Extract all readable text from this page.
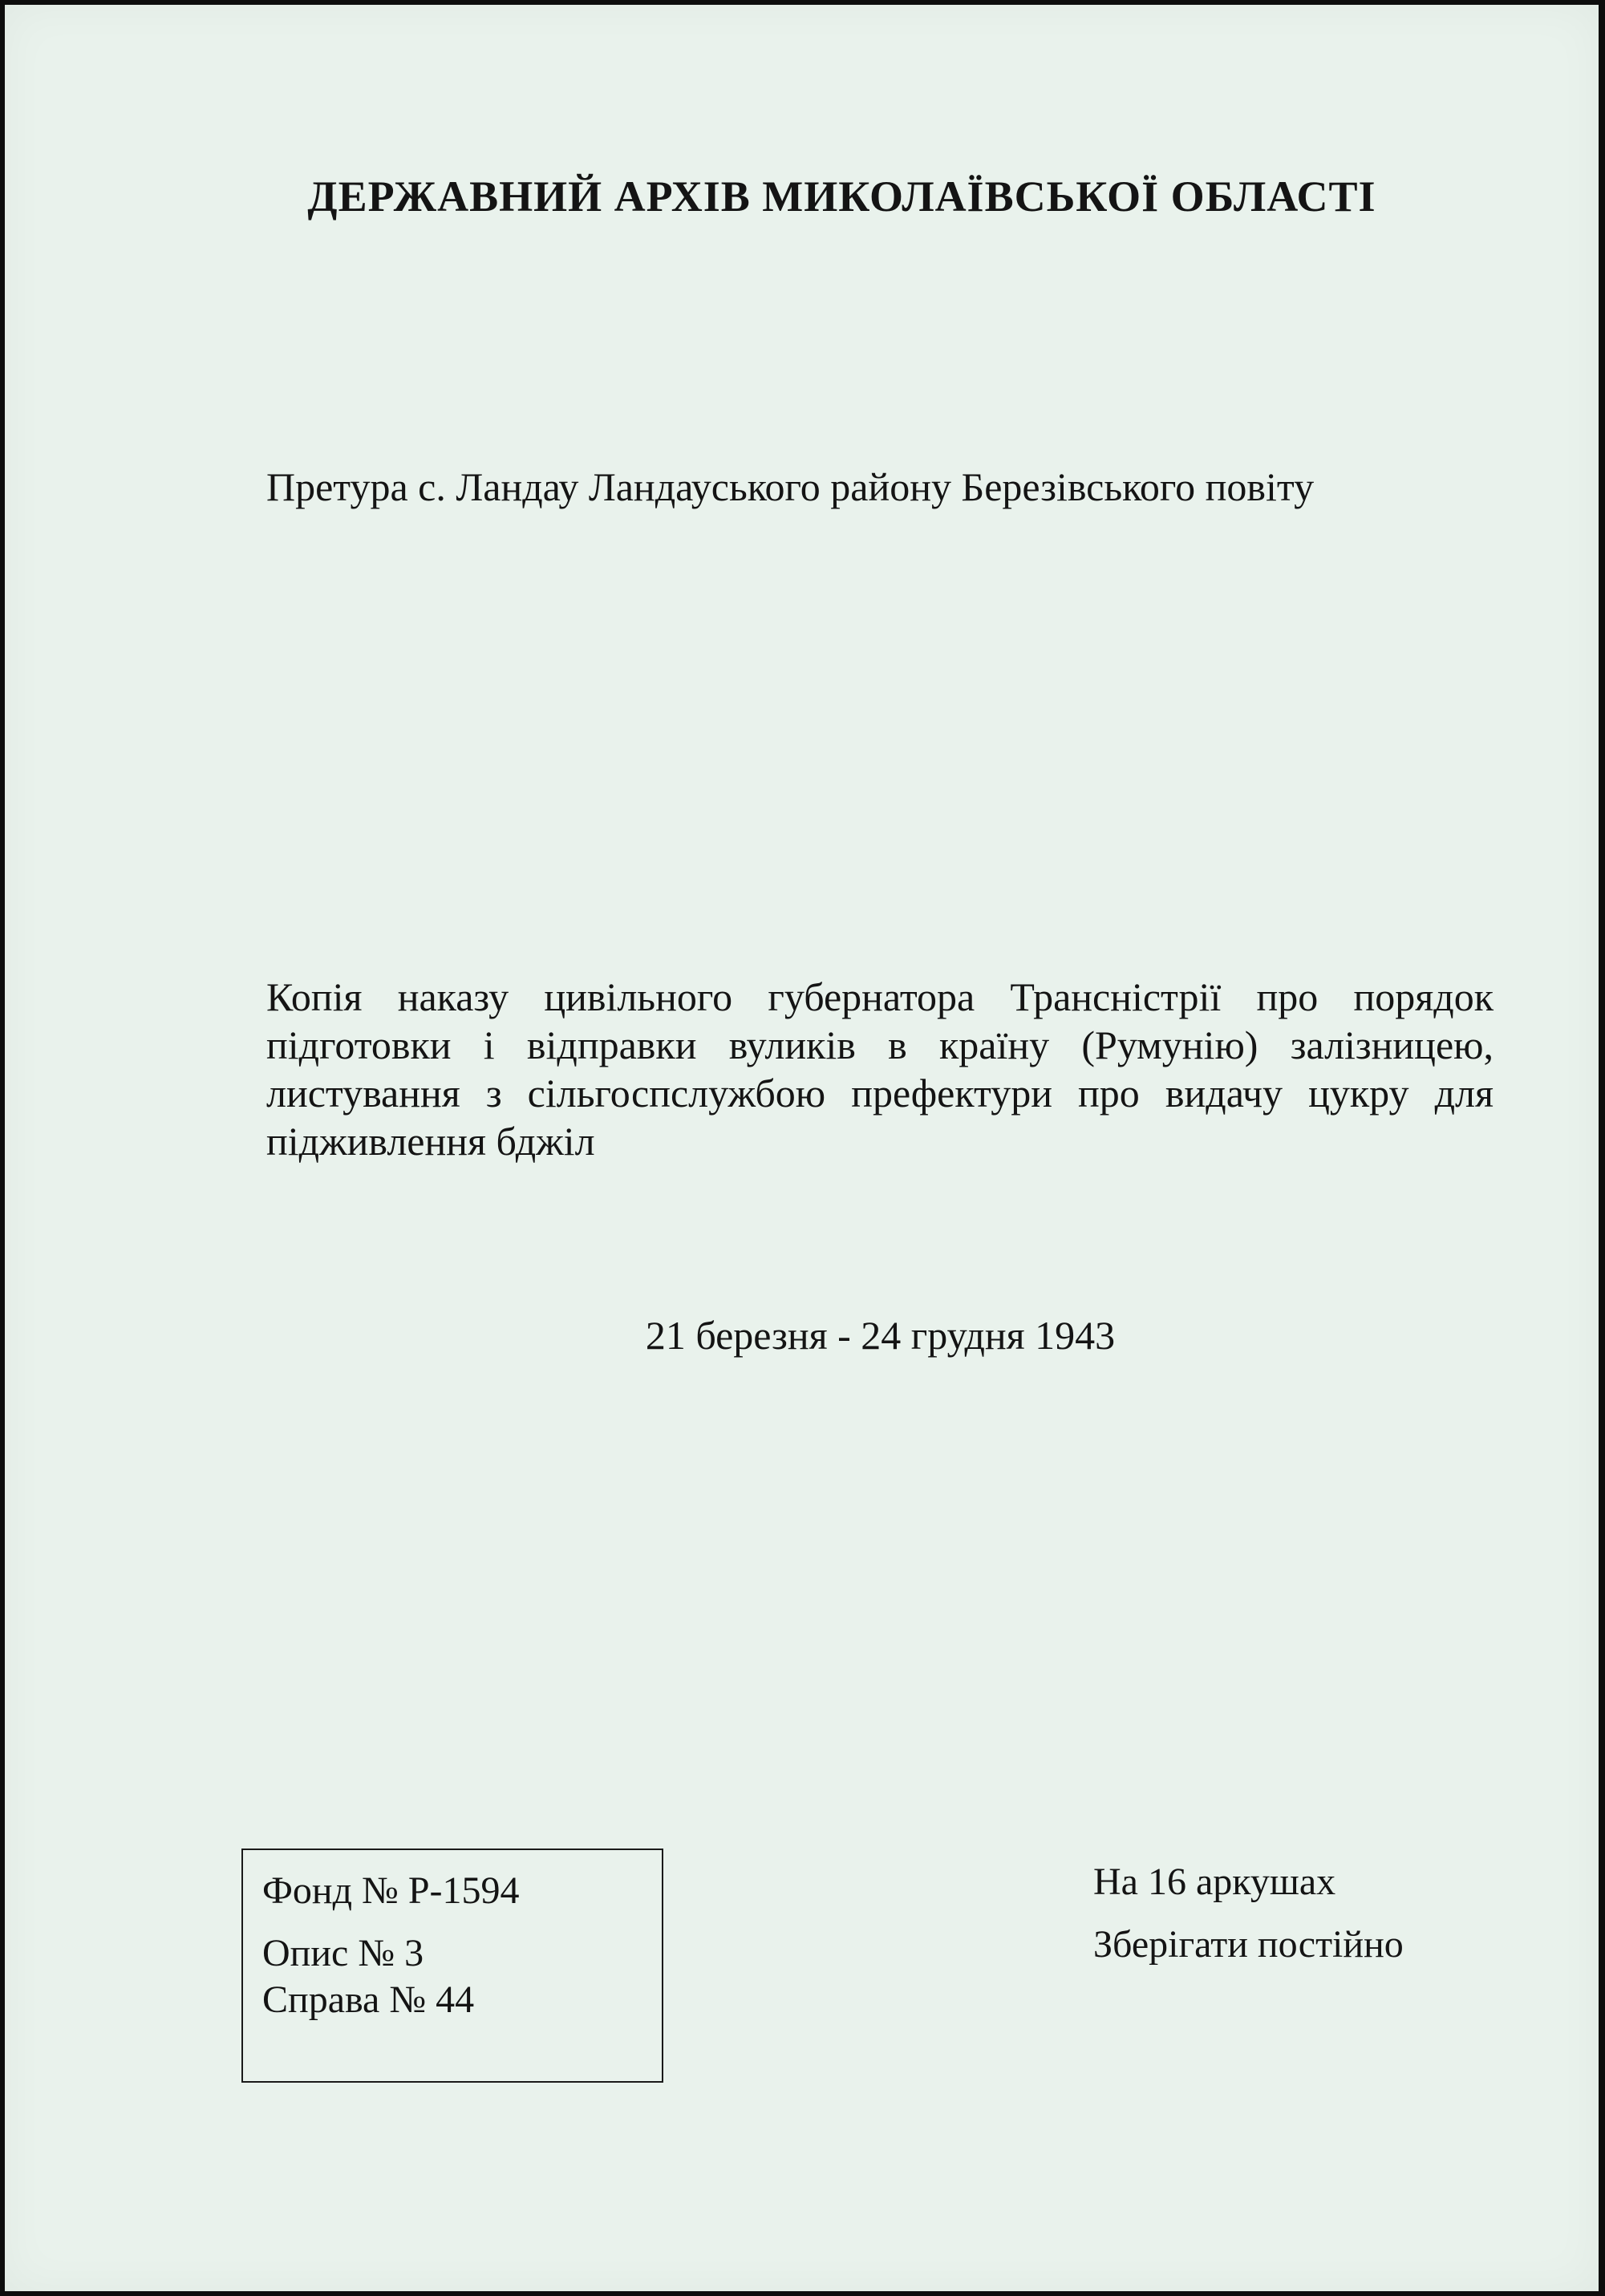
ДЕРЖАВНИЙ АРХІВ МИКОЛАЇВСЬКОЇ ОБЛАСТІ
Претура с. Ландау Ландауського району Березівського повіту

Копія наказу цивільного губернатора Трансністрії про порядок підготовки і відправки вуликів в країну (Румунію) залізницею, листування з сільгоспслужбою префектури про видачу цукру для підживлення бджіл

21 березня - 24 грудня 1943
Фонд № Р-1594
Опис № 3
Справа № 44
На 16 аркушах
Зберігати постійно
